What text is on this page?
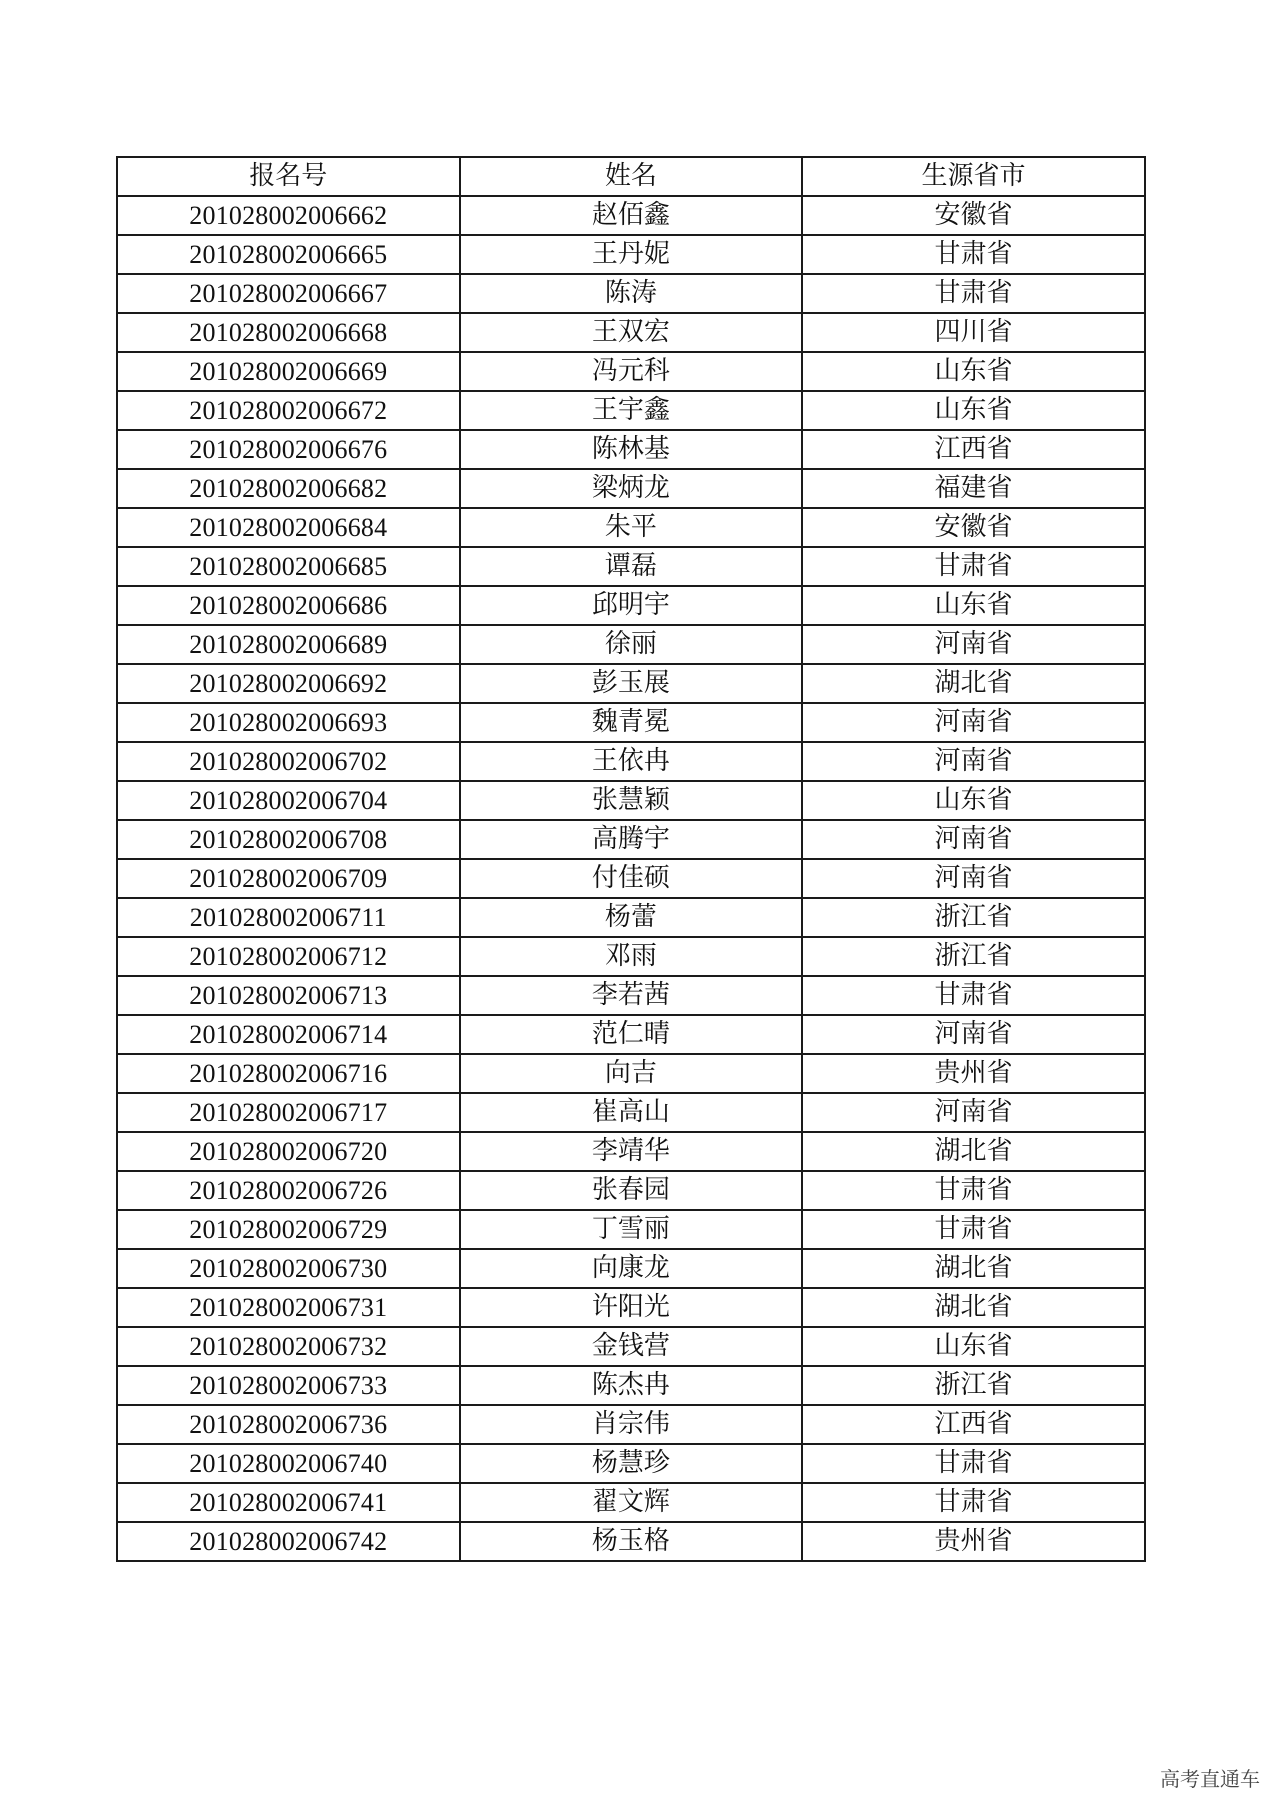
报名号	姓名	生源省市
201028002006662	赵佰鑫	安徽省
201028002006665	王丹妮	甘肃省
201028002006667	陈涛	甘肃省
201028002006668	王双宏	四川省
201028002006669	冯元科	山东省
201028002006672	王宇鑫	山东省
201028002006676	陈林基	江西省
201028002006682	梁炳龙	福建省
201028002006684	朱平	安徽省
201028002006685	谭磊	甘肃省
201028002006686	邱明宇	山东省
201028002006689	徐丽	河南省
201028002006692	彭玉展	湖北省
201028002006693	魏青冕	河南省
201028002006702	王依冉	河南省
201028002006704	张慧颖	山东省
201028002006708	高腾宇	河南省
201028002006709	付佳硕	河南省
201028002006711	杨蕾	浙江省
201028002006712	邓雨	浙江省
201028002006713	李若茜	甘肃省
201028002006714	范仁晴	河南省
201028002006716	向吉	贵州省
201028002006717	崔高山	河南省
201028002006720	李靖华	湖北省
201028002006726	张春园	甘肃省
201028002006729	丁雪丽	甘肃省
201028002006730	向康龙	湖北省
201028002006731	许阳光	湖北省
201028002006732	金钱营	山东省
201028002006733	陈杰冉	浙江省
201028002006736	肖宗伟	江西省
201028002006740	杨慧珍	甘肃省
201028002006741	翟文辉	甘肃省
201028002006742	杨玉格	贵州省
高考直通车
